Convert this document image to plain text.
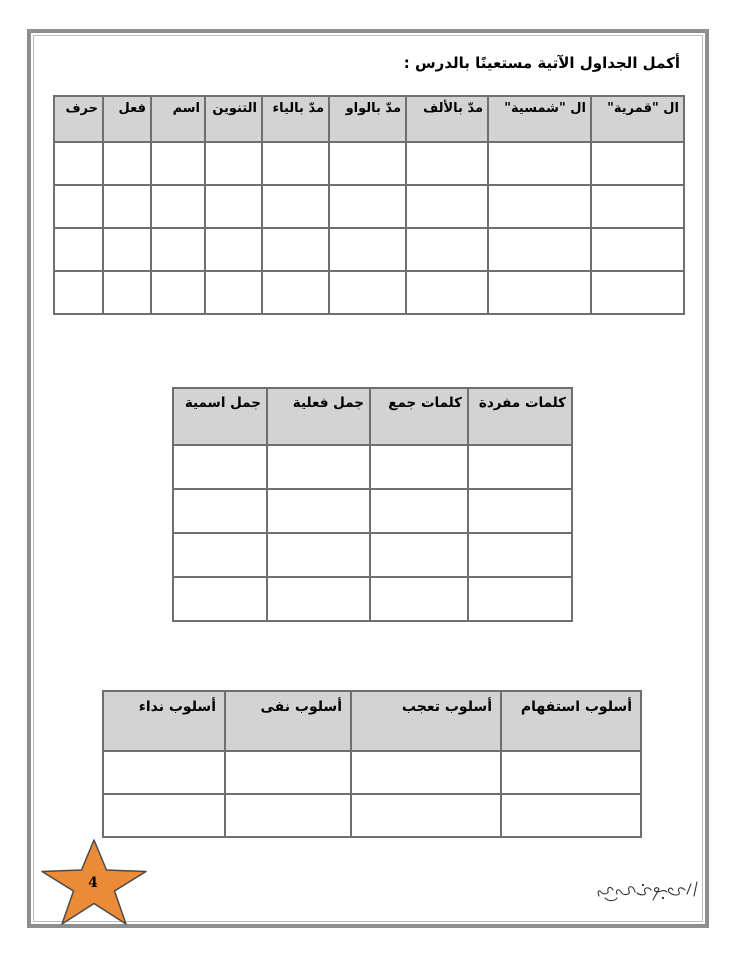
أكمل الجداول الآتية مستعينًا بالدرس :
ال "قمرية"	ال "شمسية"	مدّ بالألف	مدّ بالواو	مدّ بالياء	التنوين	اسم	فعل	حرف

كلمات مفردة	كلمات جمع	جمل فعلية	جمل اسمية

أسلوب استفهام	أسلوب تعجب	أسلوب نفى	أسلوب نداء

4
